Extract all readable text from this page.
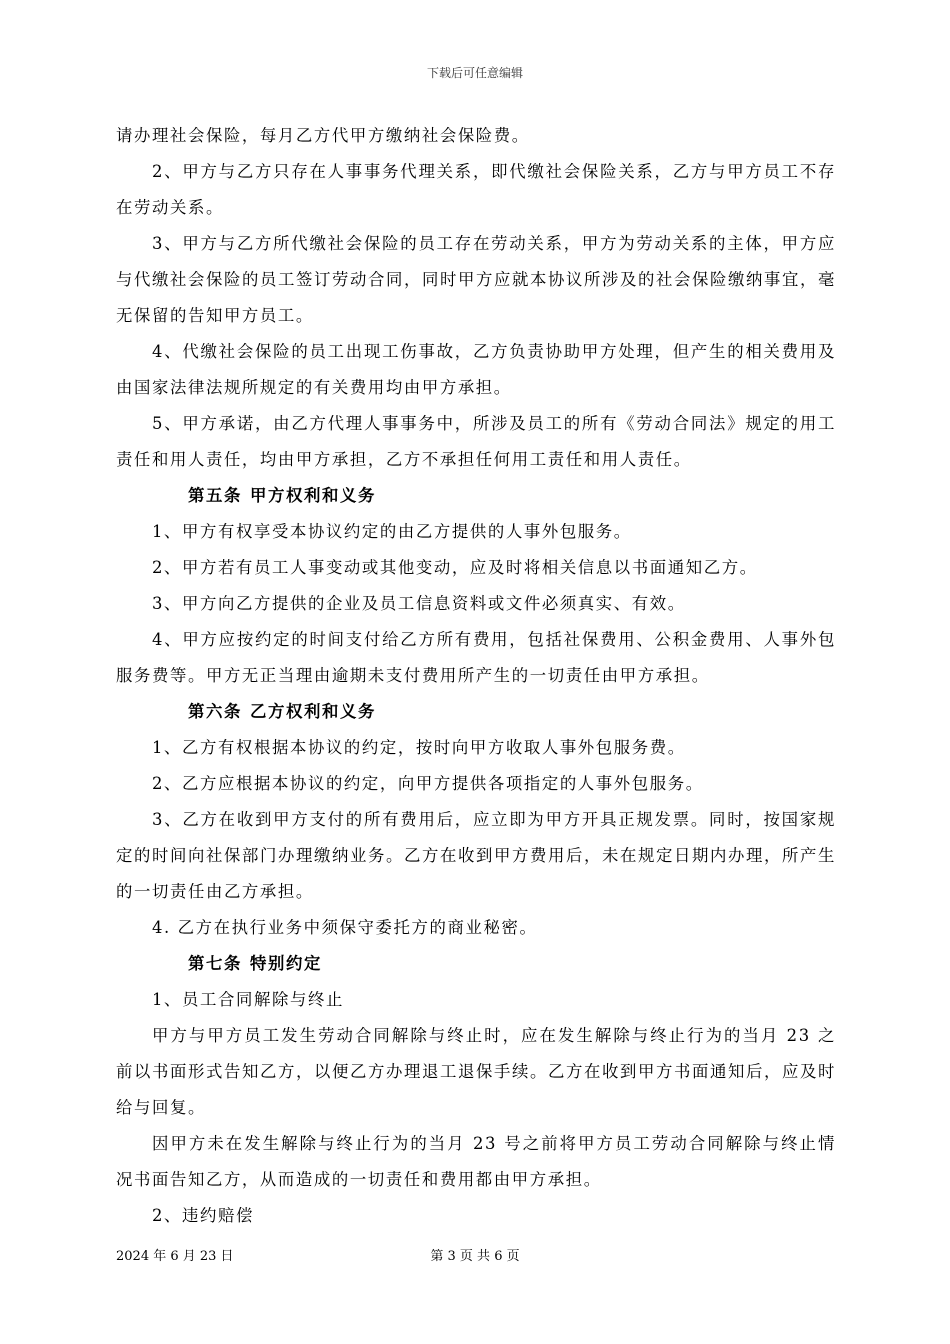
下载后可任意编辑

请办理社会保险，每月乙方代甲方缴纳社会保险费。

2、甲方与乙方只存在人事事务代理关系，即代缴社会保险关系，乙方与甲方员工不存在劳动关系。

3、甲方与乙方所代缴社会保险的员工存在劳动关系，甲方为劳动关系的主体，甲方应与代缴社会保险的员工签订劳动合同，同时甲方应就本协议所涉及的社会保险缴纳事宜，毫无保留的告知甲方员工。

4、代缴社会保险的员工出现工伤事故，乙方负责协助甲方处理，但产生的相关费用及由国家法律法规所规定的有关费用均由甲方承担。

5、甲方承诺，由乙方代理人事事务中，所涉及员工的所有《劳动合同法》规定的用工责任和用人责任，均由甲方承担，乙方不承担任何用工责任和用人责任。

第五条 甲方权利和义务

1、甲方有权享受本协议约定的由乙方提供的人事外包服务。

2、甲方若有员工人事变动或其他变动，应及时将相关信息以书面通知乙方。

3、甲方向乙方提供的企业及员工信息资料或文件必须真实、有效。

4、甲方应按约定的时间支付给乙方所有费用，包括社保费用、公积金费用、人事外包服务费等。甲方无正当理由逾期未支付费用所产生的一切责任由甲方承担。

第六条 乙方权利和义务

1、乙方有权根据本协议的约定，按时向甲方收取人事外包服务费。

2、乙方应根据本协议的约定，向甲方提供各项指定的人事外包服务。

3、乙方在收到甲方支付的所有费用后，应立即为甲方开具正规发票。同时，按国家规定的时间向社保部门办理缴纳业务。乙方在收到甲方费用后，未在规定日期内办理，所产生的一切责任由乙方承担。

4. 乙方在执行业务中须保守委托方的商业秘密。

第七条 特别约定

1、员工合同解除与终止

甲方与甲方员工发生劳动合同解除与终止时，应在发生解除与终止行为的当月 23 之前以书面形式告知乙方，以便乙方办理退工退保手续。乙方在收到甲方书面通知后，应及时给与回复。

因甲方未在发生解除与终止行为的当月 23 号之前将甲方员工劳动合同解除与终止情况书面告知乙方，从而造成的一切责任和费用都由甲方承担。

2、违约赔偿

2024 年 6 月 23 日	第 3 页 共 6 页
